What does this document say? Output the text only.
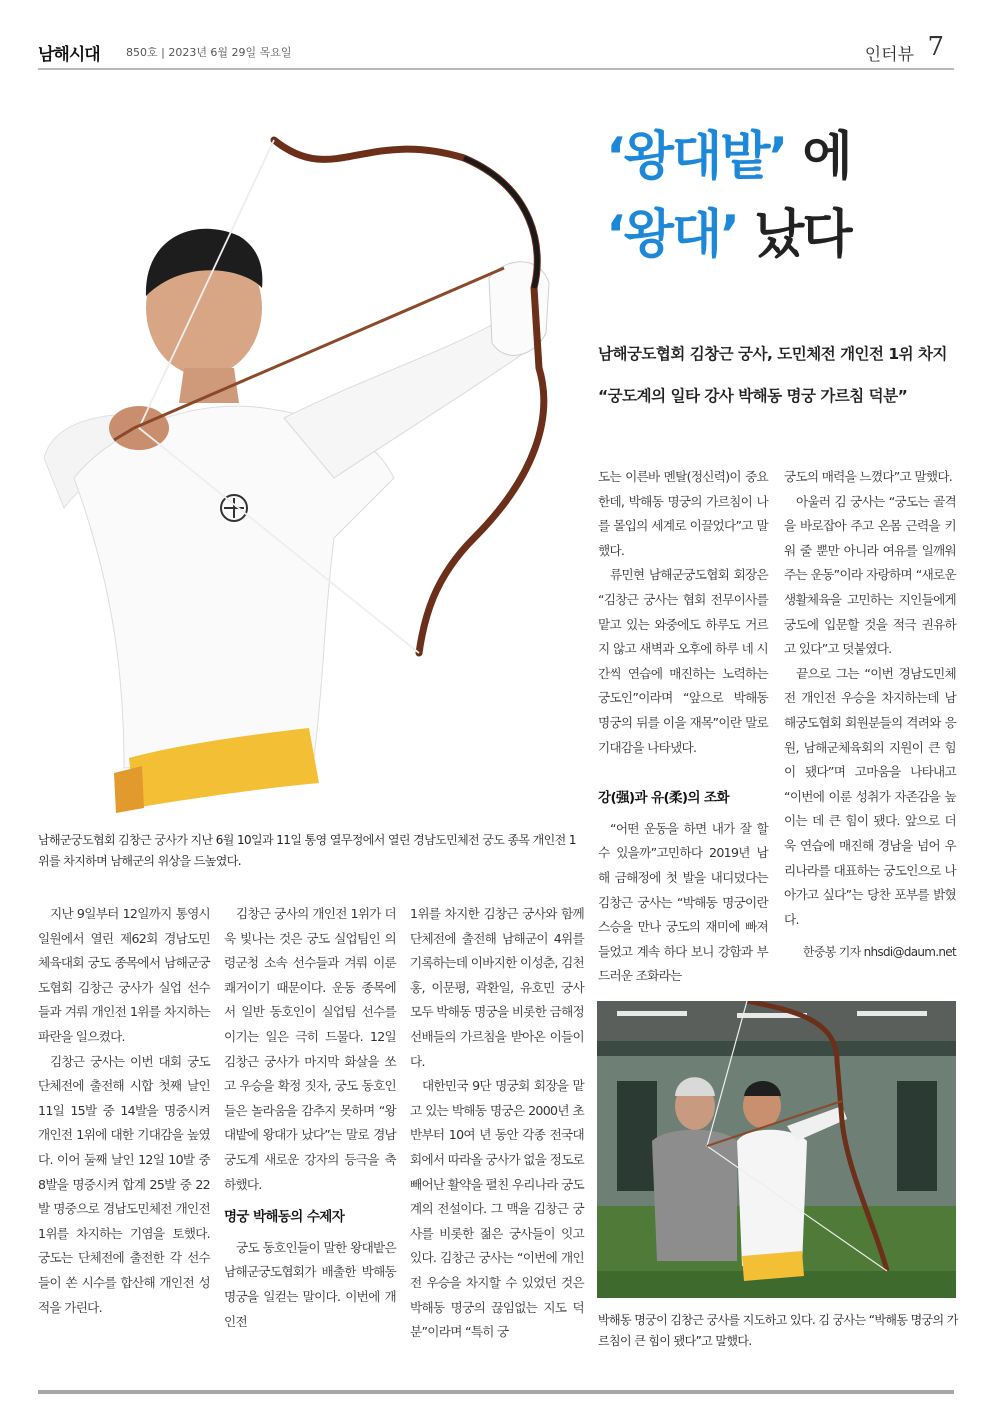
남해시대 850호 | 2023년 6월 29일 목요일	인터뷰 7
‘왕대밭’ 에
‘왕대’ 났다
남해궁도협회 김창근 궁사, 도민체전 개인전 1위 차지
“궁도계의 일타 강사 박해동 명궁 가르침 덕분”
남해군궁도협회 김창근 궁사가 지난 6월 10일과 11일 통영 열무정에서 열린 경남도민체전 궁도 종목 개인전 1위를 차지하며 남해군의 위상을 드높였다.

지난 9일부터 12일까지 통영시 일원에서 열린 제62회 경남도민 체육대회 궁도 종목에서 남해군궁도협회 김창근 궁사가 실업 선수들과 겨뤄 개인전 1위를 차지하는 파란을 일으켰다.

김창근 궁사는 이번 대회 궁도 단체전에 출전해 시합 첫째 날인 11일 15발 중 14발을 명중시켜 개인전 1위에 대한 기대감을 높였다. 이어 둘째 날인 12일 10발 중 8발을 명중시켜 합계 25발 중 22발 명중으로 경남도민체전 개인전 1위를 차지하는 기염을 토했다. 궁도는 단체전에 출전한 각 선수들이 쏜 시수를 합산해 개인전 성적을 가린다.

김창근 궁사의 개인전 1위가 더욱 빛나는 것은 궁도 실업팀인 의령군청 소속 선수들과 겨뤄 이룬 쾌거이기 때문이다. 운동 종목에서 일반 동호인이 실업팀 선수를 이기는 일은 극히 드물다. 12일 김창근 궁사가 마지막 화살을 쏘고 우승을 확정 짓자, 궁도 동호인들은 놀라움을 감추지 못하며 “왕대밭에 왕대가 났다”는 말로 경남 궁도계 새로운 강자의 등극을 축하했다.

명궁 박해동의 수제자

궁도 동호인들이 말한 왕대밭은 남해군궁도협회가 배출한 박해동 명궁을 일컫는 말이다. 이번에 개인전

1위를 차지한 김창근 궁사와 함께 단체전에 출전해 남해군이 4위를 기록하는데 이바지한 이성춘, 김천홍, 이문평, 곽환일, 유호민 궁사 모두 박해동 명궁을 비롯한 금해정 선배들의 가르침을 받아온 이들이다.

대한민국 9단 명궁회 회장을 맡고 있는 박해동 명궁은 2000년 초반부터 10여 년 동안 각종 전국대회에서 따라올 궁사가 없을 정도로 빼어난 활약을 펼친 우리나라 궁도계의 전설이다. 그 맥을 김창근 궁사를 비롯한 젊은 궁사들이 잇고 있다. 김창근 궁사는 “이번에 개인전 우승을 차지할 수 있었던 것은 박해동 명궁의 끊임없는 지도 덕분”이라며 “특히 궁

도는 이른바 멘탈(정신력)이 중요한데, 박해동 명궁의 가르침이 나를 몰입의 세계로 이끌었다”고 말했다.

류민현 남해군궁도협회 회장은 “김창근 궁사는 협회 전무이사를 맡고 있는 와중에도 하루도 거르지 않고 새벽과 오후에 하루 네 시간씩 연습에 매진하는 노력하는 궁도인”이라며 “앞으로 박해동 명궁의 뒤를 이을 재목”이란 말로 기대감을 나타냈다.

강(强)과 유(柔)의 조화

“어떤 운동을 하면 내가 잘 할 수 있을까”고민하다 2019년 남해 금해정에 첫 발을 내디뎠다는 김창근 궁사는 “박해동 명궁이란 스승을 만나 궁도의 재미에 빠져들었고 계속 하다 보니 강함과 부드러운 조화라는

궁도의 매력을 느꼈다”고 말했다.

아울러 김 궁사는 “궁도는 골격을 바로잡아 주고 온몸 근력을 키워 줄 뿐만 아니라 여유를 일깨워주는 운동”이라 자랑하며 “새로운 생활체육을 고민하는 지인들에게 궁도에 입문할 것을 적극 권유하고 있다”고 덧붙였다.

끝으로 그는 “이번 경남도민체전 개인전 우승을 차지하는데 남해궁도협회 회원분들의 격려와 응원, 남해군체육회의 지원이 큰 힘이 됐다”며 고마움을 나타내고 “이번에 이룬 성취가 자존감을 높이는 데 큰 힘이 됐다. 앞으로 더욱 연습에 매진해 경남을 넘어 우리나라를 대표하는 궁도인으로 나아가고 싶다”는 당찬 포부를 밝혔다.

한중봉 기자 nhsdi@daum.net

박해동 명궁이 김창근 궁사를 지도하고 있다. 김 궁사는 “박해동 명궁의 가르침이 큰 힘이 됐다”고 말했다.
